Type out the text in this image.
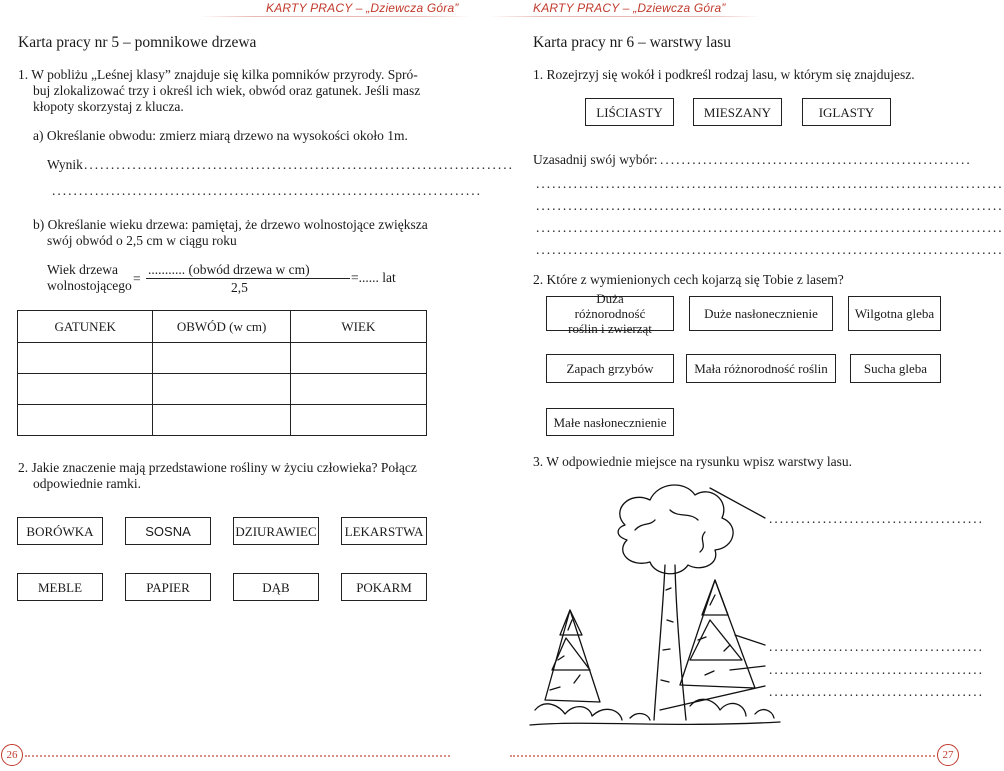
KARTY PRACY – „Dziewcza Góra”
Karta pracy nr 5 – pomnikowe drzewa
1. W pobliżu „Leśnej klasy” znajduje się kilka pomników przyrody. Spró-
buj zlokalizować trzy i określ ich wiek, obwód oraz gatunek. Jeśli masz
kłopoty skorzystaj z klucza.
a) Określanie obwodu: zmierz miarą drzewo na wysokości około 1m.
Wynik ................................................................................
................................................................................
b) Określanie wieku drzewa: pamiętaj, że drzewo wolnostojące zwiększa
swój obwód o 2,5 cm w ciągu roku
Wiek drzewa
wolnostojącego =
........... (obwód drzewa w cm)
2,5
=...... lat
GATUNEK	OBWÓD (w cm)	WIEK

2. Jakie znaczenie mają przedstawione rośliny w życiu człowieka? Połącz
odpowiednie ramki.
BORÓWKA	SOSNA	DZIURAWIEC LEKARSTWA
MEBLE	PAPIER	DĄB	POKARM
26
KARTY PRACY – „Dziewcza Góra”
Karta pracy nr 6 – warstwy lasu
1. Rozejrzyj się wokół i podkreśl rodzaj lasu, w którym się znajdujesz.
LIŚCIASTY	MIESZANY	IGLASTY
Uzasadnij swój wybór: ..........................................................
.......................................................................................
.......................................................................................
.......................................................................................
.......................................................................................
2. Które z wymienionych cech kojarzą się Tobie z lasem?
Duża różnorodność roślin i zwierząt
Duże nasłonecznienie	Wilgotna gleba
Zapach grzybów	Mała różnorodność roślin	Sucha gleba
Małe nasłonecznienie
3. W odpowiednie miejsce na rysunku wpisz warstwy lasu.
........................................
........................................
........................................
........................................
27
